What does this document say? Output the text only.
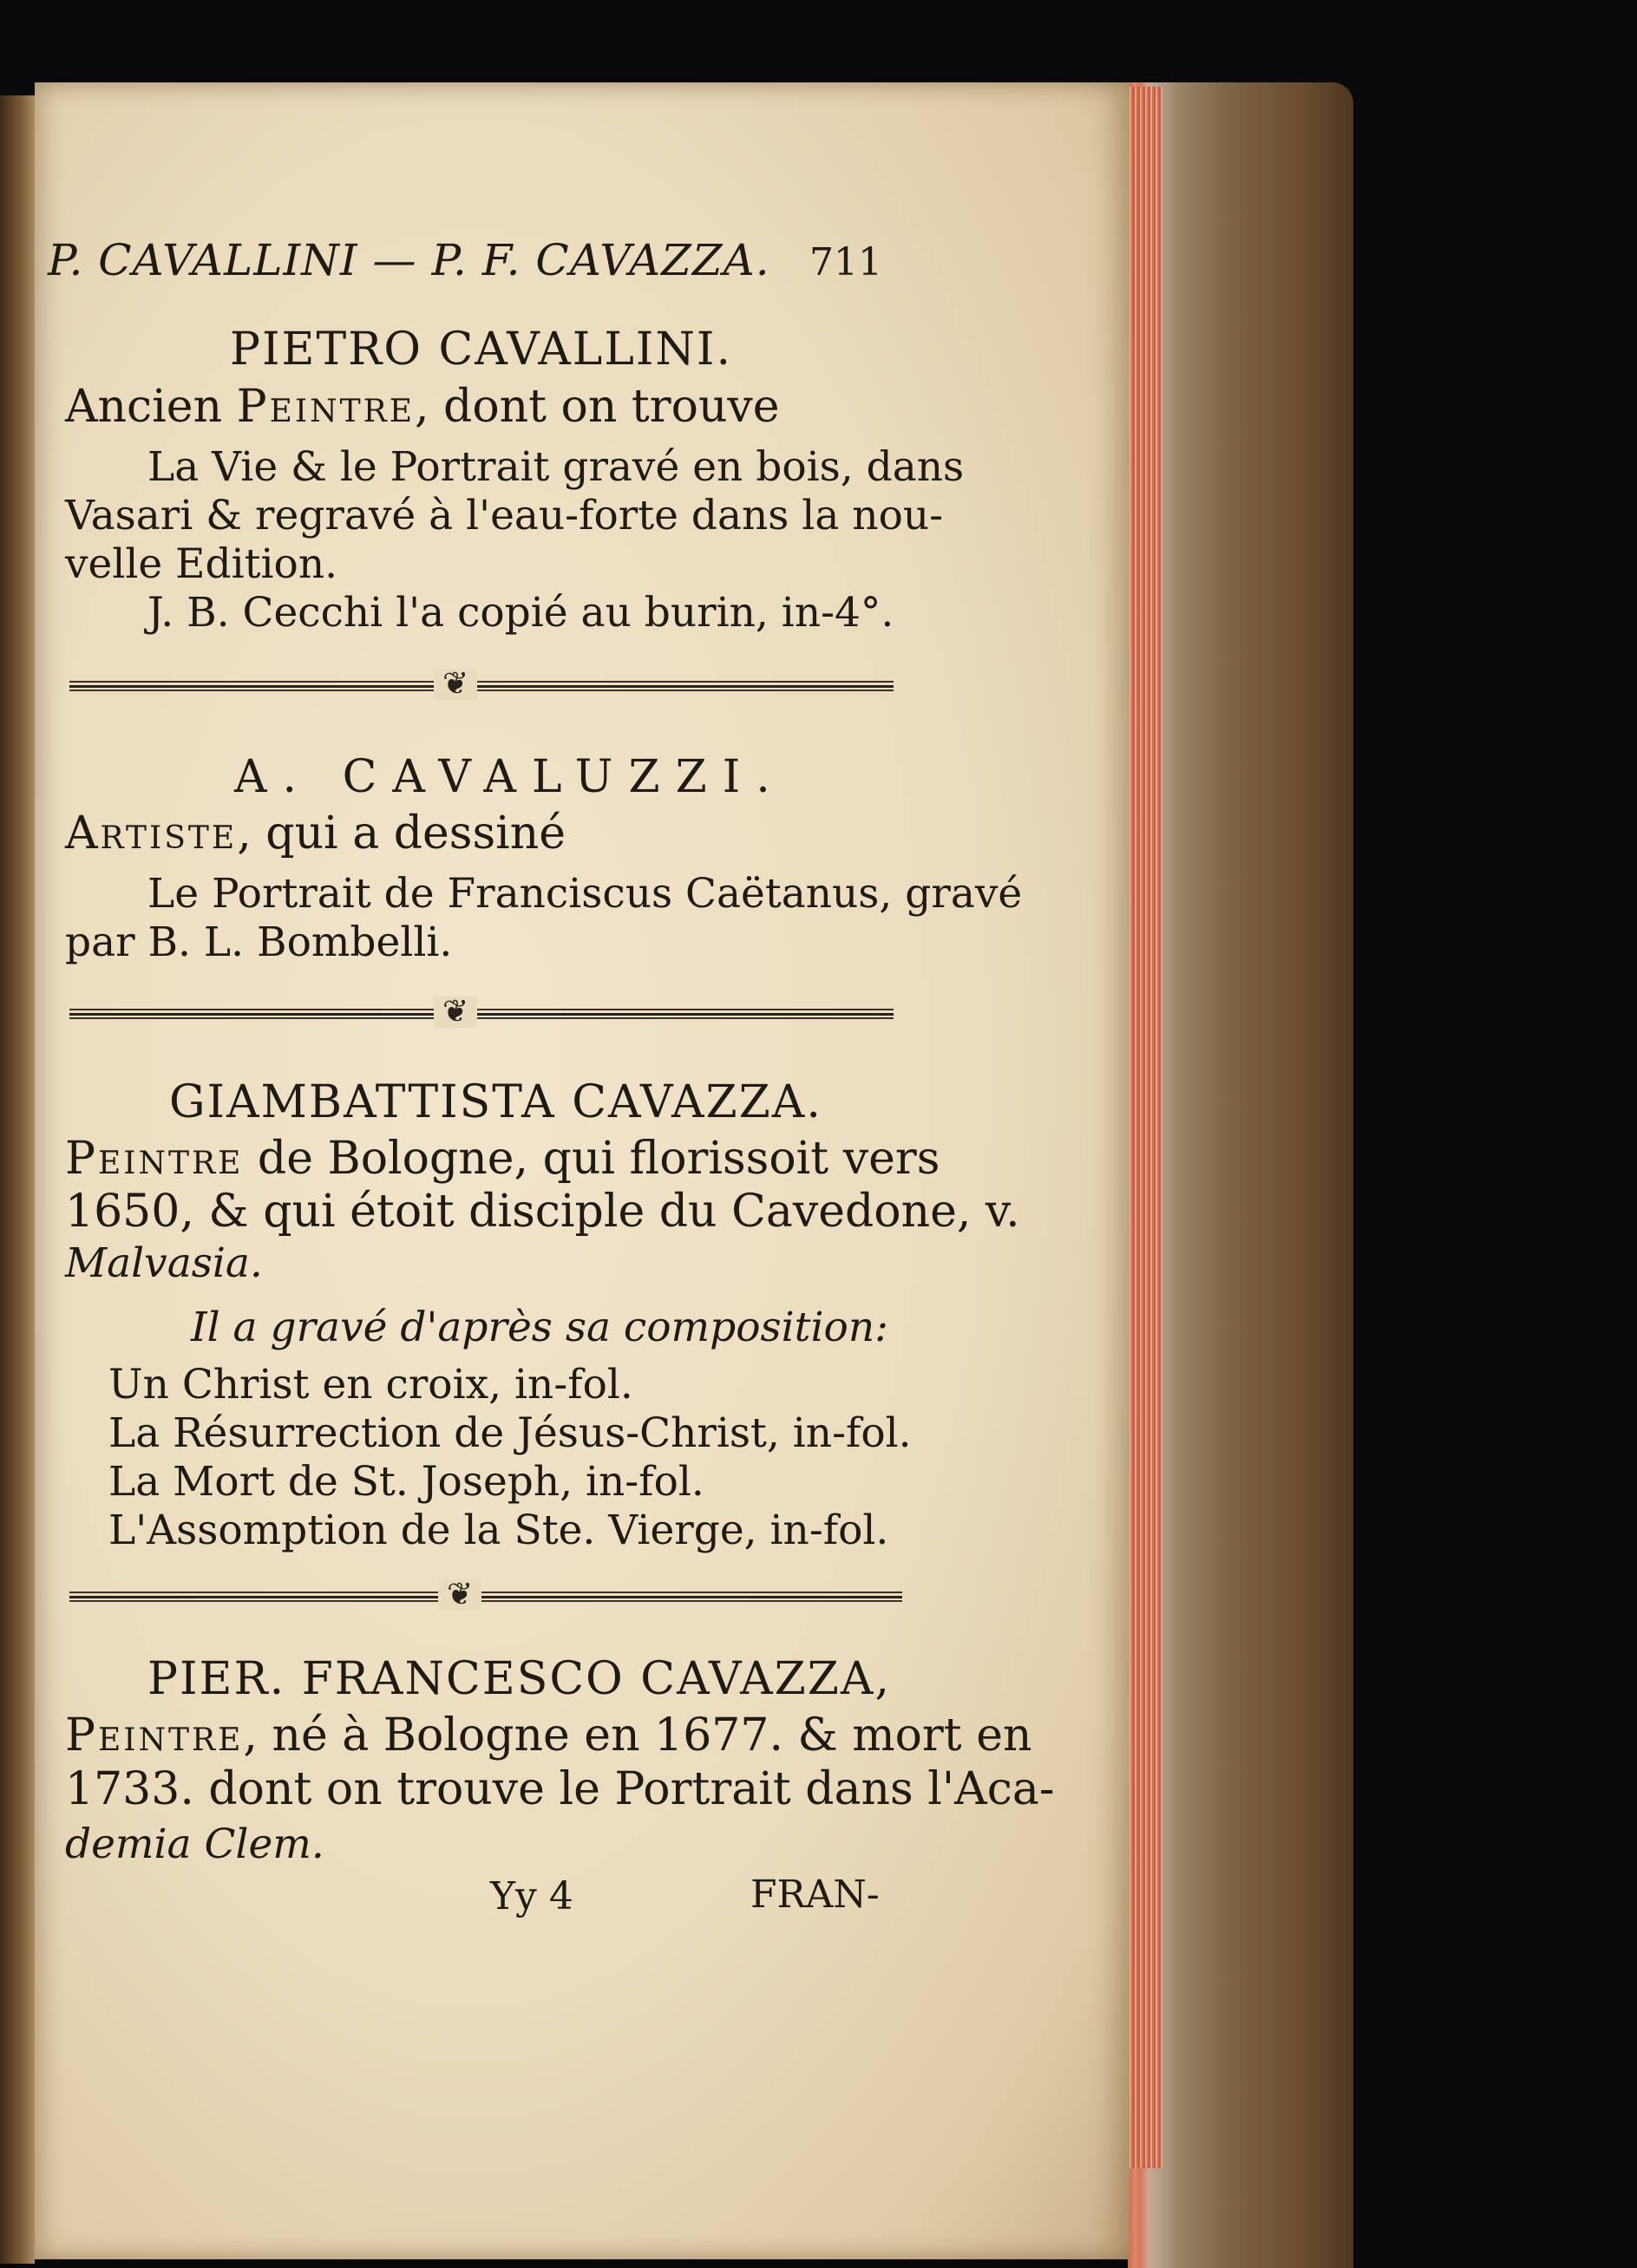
P. CAVALLINI — P. F. CAVAZZA. 711
PIETRO CAVALLINI.
Ancien Peintre, dont on trouve
La Vie & le Portrait gravé en bois, dans
Vasari & regravé à l'eau-forte dans la nou-
velle Edition.
J. B. Cecchi l'a copié au burin, in-4°.
❦
A. CAVALUZZI.
Artiste, qui a dessiné
Le Portrait de Franciscus Caëtanus, gravé
par B. L. Bombelli.
❦
GIAMBATTISTA CAVAZZA.
Peintre de Bologne, qui florissoit vers
1650, & qui étoit disciple du Cavedone, v.
Malvasia.
Il a gravé d'après sa composition:
Un Christ en croix, in-fol.
La Résurrection de Jésus-Christ, in-fol.
La Mort de St. Joseph, in-fol.
L'Assomption de la Ste. Vierge, in-fol.
❦
PIER. FRANCESCO CAVAZZA,
Peintre, né à Bologne en 1677. & mort en
1733. dont on trouve le Portrait dans l'Aca-
demia Clem.
Yy 4	FRAN-
